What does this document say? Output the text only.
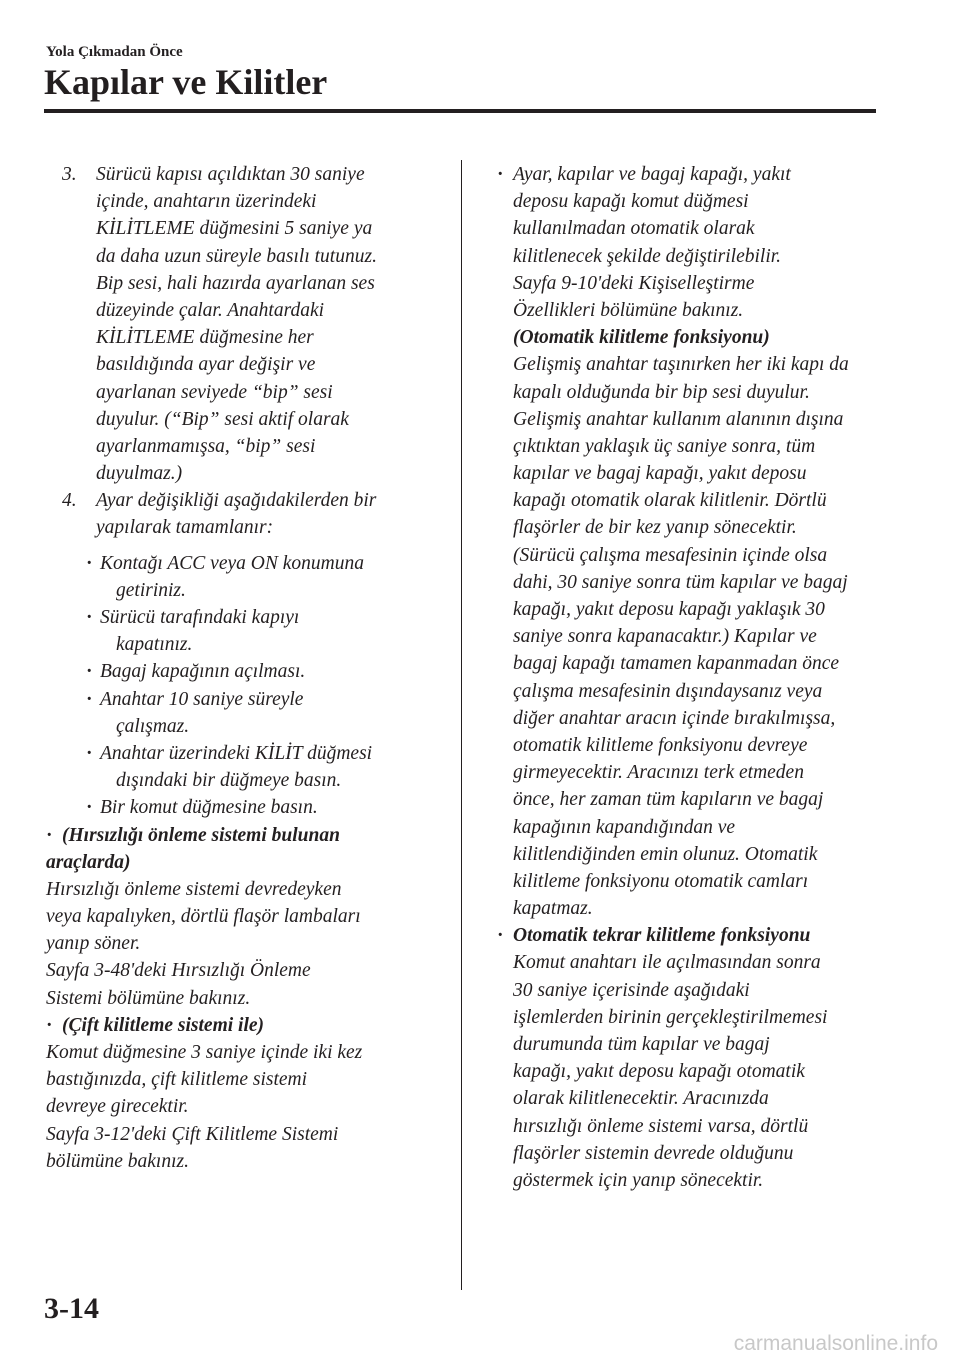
Yola Çıkmadan Önce
Kapılar ve Kilitler
3. Sürücü kapısı açıldıktan 30 saniye
içinde, anahtarın üzerindeki
KİLİTLEME düğmesini 5 saniye ya
da daha uzun süreyle basılı tutunuz.
Bip sesi, hali hazırda ayarlanan ses
düzeyinde çalar. Anahtardaki
KİLİTLEME düğmesine her
basıldığında ayar değişir ve
ayarlanan seviyede “bip” sesi
duyulur. (“Bip” sesi aktif olarak
ayarlanmamışsa, “bip” sesi
duyulmaz.)
4. Ayar değişikliği aşağıdakilerden bir
yapılarak tamamlanır:
· Kontağı ACC veya ON konumuna
getiriniz.
· Sürücü tarafındaki kapıyı
kapatınız.
· Bagaj kapağının açılması.
· Anahtar 10 saniye süreyle
çalışmaz.
· Anahtar üzerindeki KİLİT düğmesi
dışındaki bir düğmeye basın.
· Bir komut düğmesine basın.
· (Hırsızlığı önleme sistemi bulunan
araçlarda)
Hırsızlığı önleme sistemi devredeyken
veya kapalıyken, dörtlü flaşör lambaları
yanıp söner.
Sayfa 3-48'deki Hırsızlığı Önleme
Sistemi bölümüne bakınız.
· (Çift kilitleme sistemi ile)
Komut düğmesine 3 saniye içinde iki kez
bastığınızda, çift kilitleme sistemi
devreye girecektir.
Sayfa 3-12'deki Çift Kilitleme Sistemi
bölümüne bakınız.
· Ayar, kapılar ve bagaj kapağı, yakıt
deposu kapağı komut düğmesi
kullanılmadan otomatik olarak
kilitlenecek şekilde değiştirilebilir.
Sayfa 9-10'deki Kişiselleştirme
Özellikleri bölümüne bakınız.
(Otomatik kilitleme fonksiyonu)
Gelişmiş anahtar taşınırken her iki kapı da
kapalı olduğunda bir bip sesi duyulur.
Gelişmiş anahtar kullanım alanının dışına
çıktıktan yaklaşık üç saniye sonra, tüm
kapılar ve bagaj kapağı, yakıt deposu
kapağı otomatik olarak kilitlenir. Dörtlü
flaşörler de bir kez yanıp sönecektir.
(Sürücü çalışma mesafesinin içinde olsa
dahi, 30 saniye sonra tüm kapılar ve bagaj
kapağı, yakıt deposu kapağı yaklaşık 30
saniye sonra kapanacaktır.) Kapılar ve
bagaj kapağı tamamen kapanmadan önce
çalışma mesafesinin dışındaysanız veya
diğer anahtar aracın içinde bırakılmışsa,
otomatik kilitleme fonksiyonu devreye
girmeyecektir. Aracınızı terk etmeden
önce, her zaman tüm kapıların ve bagaj
kapağının kapandığından ve
kilitlendiğinden emin olunuz. Otomatik
kilitleme fonksiyonu otomatik camları
kapatmaz.
· Otomatik tekrar kilitleme fonksiyonu
Komut anahtarı ile açılmasından sonra
30 saniye içerisinde aşağıdaki
işlemlerden birinin gerçekleştirilmemesi
durumunda tüm kapılar ve bagaj
kapağı, yakıt deposu kapağı otomatik
olarak kilitlenecektir. Aracınızda
hırsızlığı önleme sistemi varsa, dörtlü
flaşörler sistemin devrede olduğunu
göstermek için yanıp sönecektir.
3-14
carmanualsonline.info
